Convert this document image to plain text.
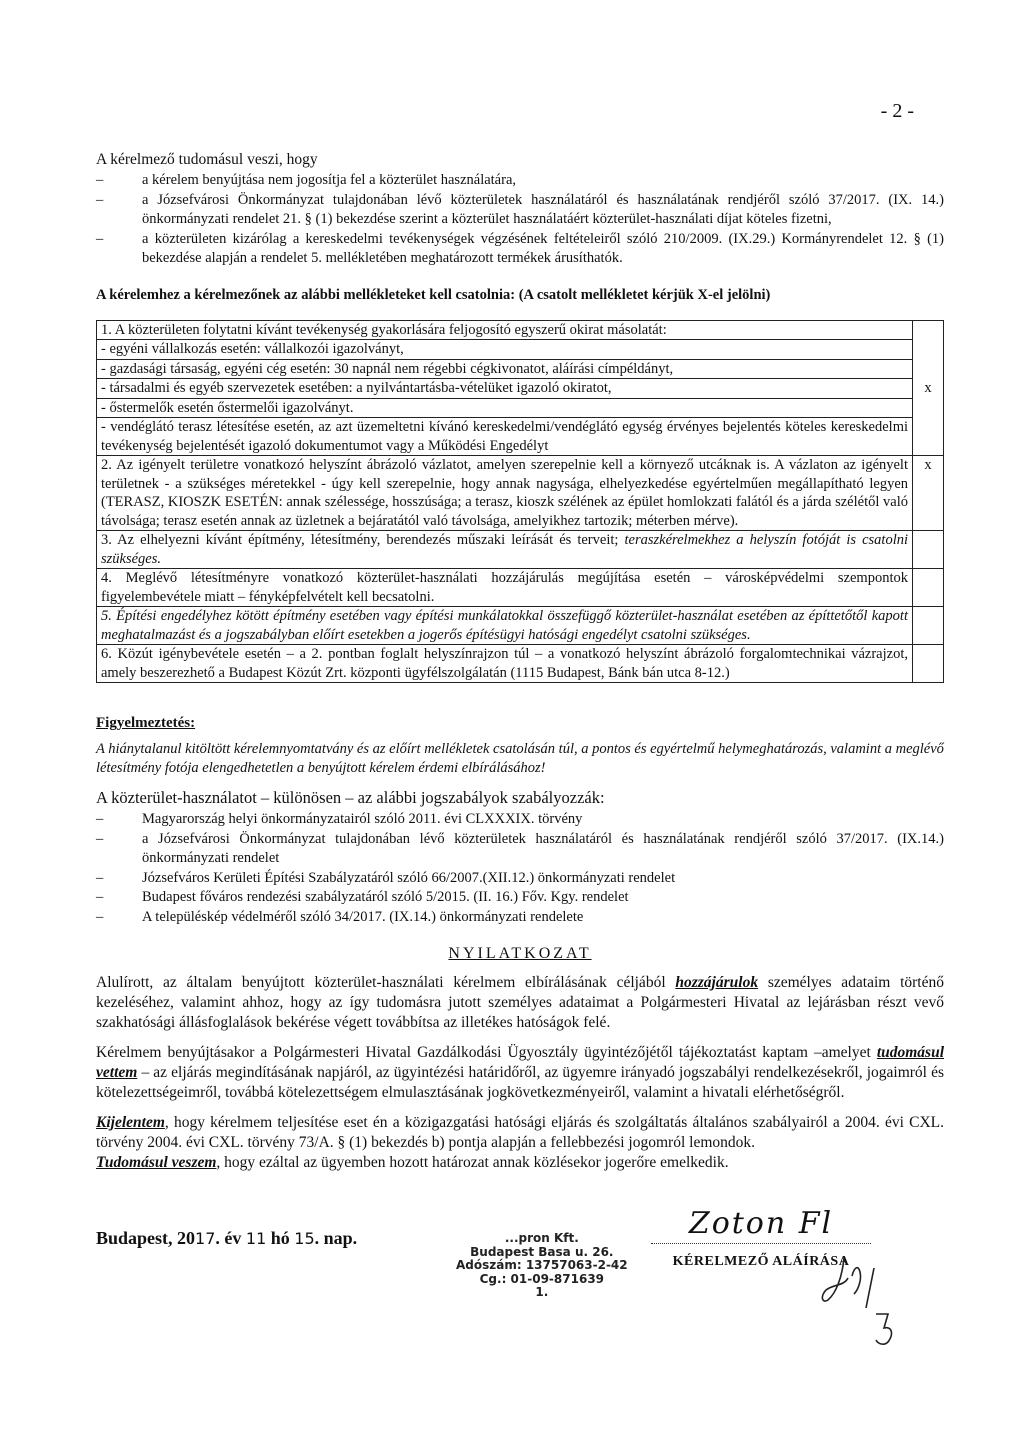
- 2 -

A kérelmező tudomásul veszi, hogy

– a kérelem benyújtása nem jogosítja fel a közterület használatára,
– a Józsefvárosi Önkormányzat tulajdonában lévő közterületek használatáról és használatának rendjéről szóló 37/2017. (IX. 14.) önkormányzati rendelet 21. § (1) bekezdése szerint a közterület használatáért közterület-használati díjat köteles fizetni,
– a közterületen kizárólag a kereskedelmi tevékenységek végzésének feltételeiről szóló 210/2009. (IX.29.) Kormányrendelet 12. § (1) bekezdése alapján a rendelet 5. mellékletében meghatározott termékek árusíthatók.
A kérelemhez a kérelmezőnek az alábbi mellékleteket kell csatolnia: (A csatolt mellékletet kérjük X-el jelölni)
1. A közterületen folytatni kívánt tevékenység gyakorlására feljogosító egyszerű okirat másolatát:	x
- egyéni vállalkozás esetén: vállalkozói igazolványt,	
- gazdasági társaság, egyéni cég esetén: 30 napnál nem régebbi cégkivonatot, aláírási címpéldányt,	
- társadalmi és egyéb szervezetek esetében: a nyilvántartásba-vételüket igazoló okiratot,	
- őstermelők esetén őstermelői igazolványt.	
- vendéglátó terasz létesítése esetén, az azt üzemeltetni kívánó kereskedelmi/vendéglátó egység érvényes bejelentés köteles kereskedelmi tevékenység bejelentését igazoló dokumentumot vagy a Működési Engedélyt	
2. Az igényelt területre vonatkozó helyszínt ábrázoló vázlatot, amelyen szerepelnie kell a környező utcáknak is. A vázlaton az igényelt területnek - a szükséges méretekkel - úgy kell szerepelnie, hogy annak nagysága, elhelyezkedése egyértelműen megállapítható legyen (TERASZ, KIOSZK ESETÉN: annak szélessége, hosszúsága; a terasz, kioszk szélének az épület homlokzati falától és a járda szélétől való távolsága; terasz esetén annak az üzletnek a bejáratától való távolsága, amelyikhez tartozik; méterben mérve).	x
3. Az elhelyezni kívánt építmény, létesítmény, berendezés műszaki leírását és terveit; teraszkérelmekhez a helyszín fotóját is csatolni szükséges.	
4. Meglévő létesítményre vonatkozó közterület-használati hozzájárulás megújítása esetén – városképvédelmi szempontok figyelembevétele miatt – fényképfelvételt kell becsatolni.	
5. Építési engedélyhez kötött építmény esetében vagy építési munkálatokkal összefüggő közterület-használat esetében az építtetőtől kapott meghatalmazást és a jogszabályban előírt esetekben a jogerős építésügyi hatósági engedélyt csatolni szükséges.	
6. Közút igénybevétele esetén – a 2. pontban foglalt helyszínrajzon túl – a vonatkozó helyszínt ábrázoló forgalomtechnikai vázrajzot, amely beszerezhető a Budapest Közút Zrt. központi ügyfélszolgálatán (1115 Budapest, Bánk bán utca 8-12.)	
Figyelmeztetés:
A hiánytalanul kitöltött kérelemnyomtatvány és az előírt mellékletek csatolásán túl, a pontos és egyértelmű helymeghatározás, valamint a meglévő létesítmény fotója elengedhetetlen a benyújtott kérelem érdemi elbírálásához!
A közterület-használatot – különösen – az alábbi jogszabályok szabályozzák:
– Magyarország helyi önkormányzatairól szóló 2011. évi CLXXXIX. törvény
– a Józsefvárosi Önkormányzat tulajdonában lévő közterületek használatáról és használatának rendjéről szóló 37/2017. (IX.14.) önkormányzati rendelet
– Józsefváros Kerületi Építési Szabályzatáról szóló 66/2007.(XII.12.) önkormányzati rendelet
– Budapest főváros rendezési szabályzatáról szóló 5/2015. (II. 16.) Főv. Kgy. rendelet
– A településkép védelméről szóló 34/2017. (IX.14.) önkormányzati rendelete
NYILATKOZAT
Alulírott, az általam benyújtott közterület-használati kérelmem elbírálásának céljából hozzájárulok személyes adataim történő kezeléséhez, valamint ahhoz, hogy az így tudomásra jutott személyes adataimat a Polgármesteri Hivatal az lejárásban részt vevő szakhatósági állásfoglalások bekérése végett továbbítsa az illetékes hatóságok felé.
Kérelmem benyújtásakor a Polgármesteri Hivatal Gazdálkodási Ügyosztály ügyintézőjétől tájékoztatást kaptam –amelyet tudomásul vettem – az eljárás megindításának napjáról, az ügyintézési határidőről, az ügyemre irányadó jogszabályi rendelkezésekről, jogaimról és kötelezettségeimről, továbbá kötelezettségem elmulasztásának jogkövetkezményeiről, valamint a hivatali elérhetőségről.
Kijelentem, hogy kérelmem teljesítése eset én a közigazgatási hatósági eljárás és szolgáltatás általános szabályairól a 2004. évi CXL. törvény 2004. évi CXL. törvény 73/A. § (1) bekezdés b) pontja alapján a fellebbezési jogomról lemondok.
Tudomásul veszem, hogy ezáltal az ügyemben hozott határozat annak közlésekor jogerőre emelkedik.
Budapest, 2017. év 11 hó 15. nap.	...pron Kft.
Budapest Basa u. 26.
Adószám: 13757063-2-42
Cg.: 01-09-871639
1.
Zoton Fl
KÉRELMEZŐ ALÁÍRÁSA
